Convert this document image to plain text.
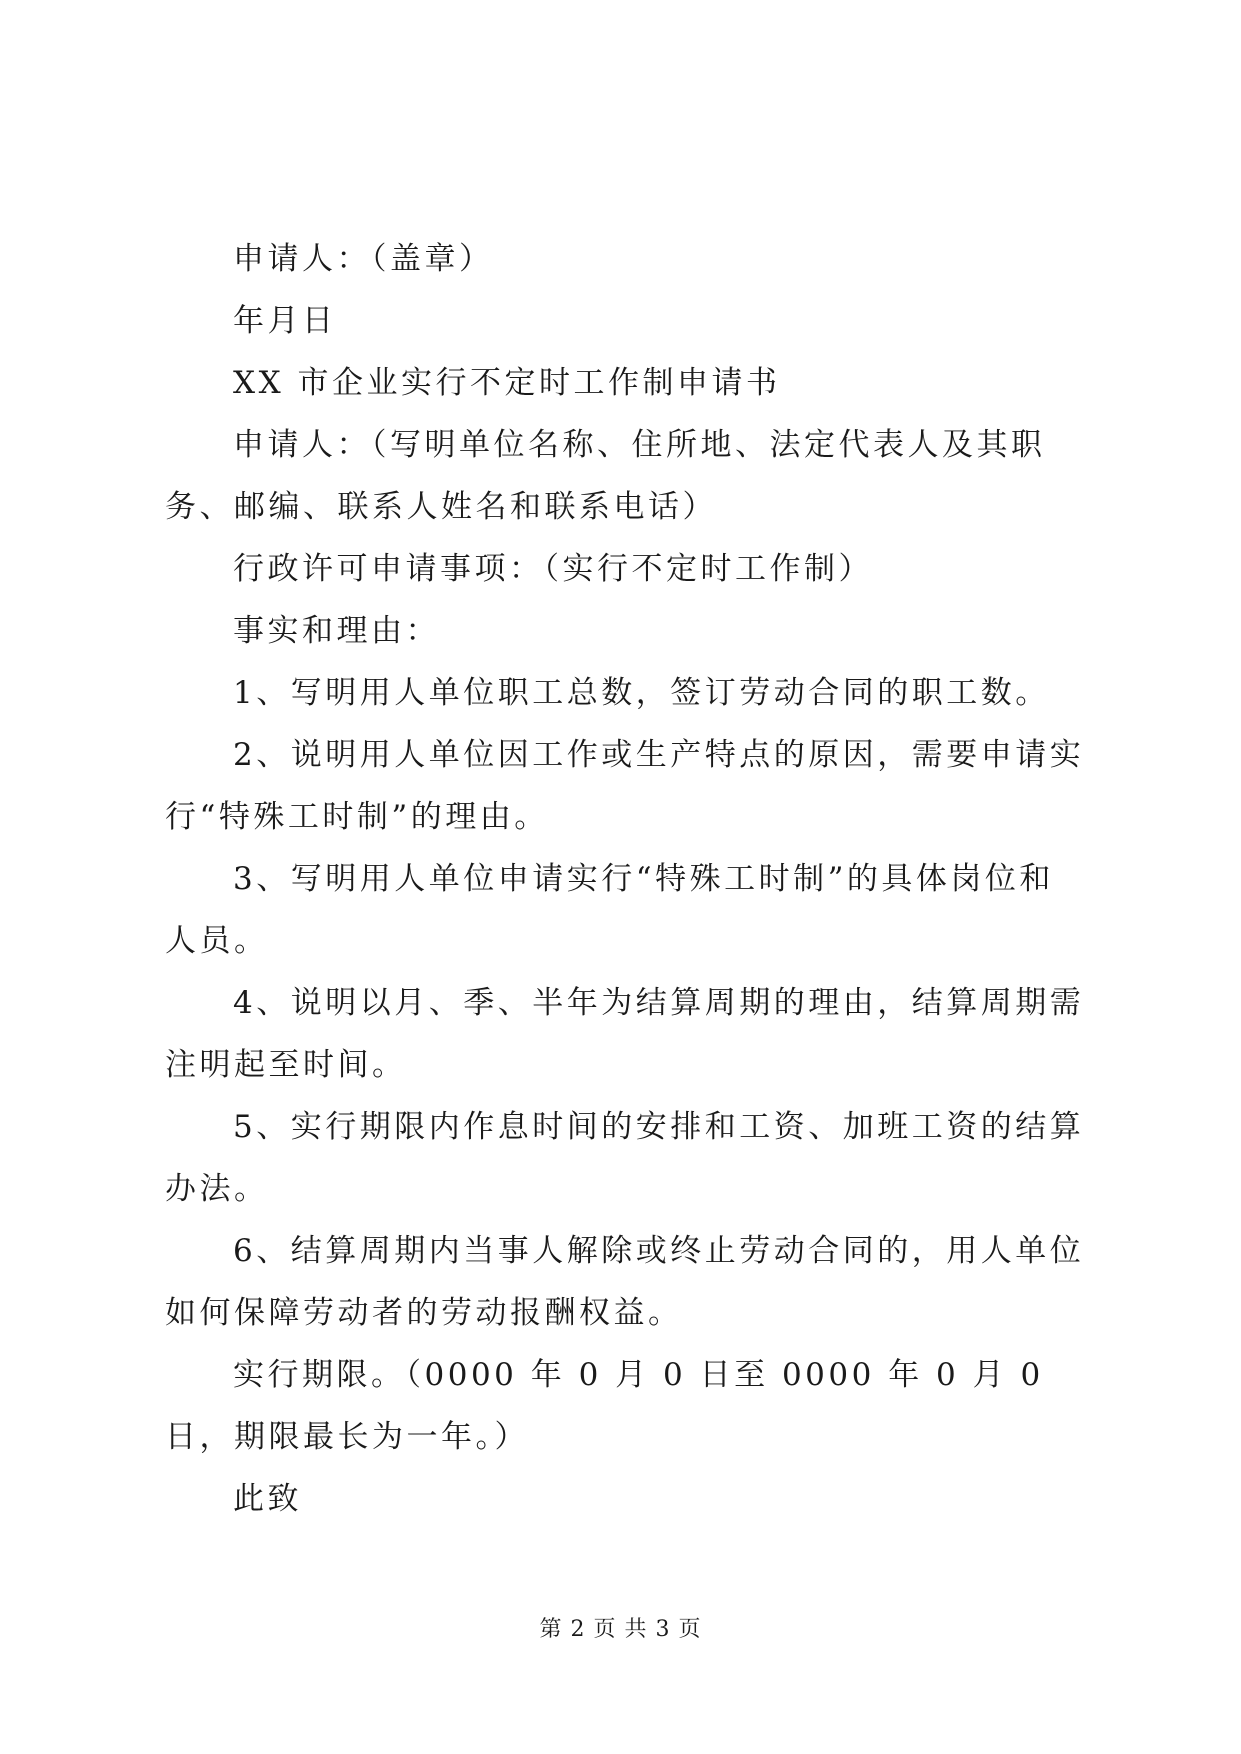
申请人：（盖章）

年月日

XX 市企业实行不定时工作制申请书

申请人：（写明单位名称、住所地、法定代表人及其职务、邮编、联系人姓名和联系电话）

行政许可申请事项：（实行不定时工作制）

事实和理由：

1、写明用人单位职工总数，签订劳动合同的职工数。

2、说明用人单位因工作或生产特点的原因，需要申请实行“特殊工时制”的理由。

3、写明用人单位申请实行“特殊工时制”的具体岗位和人员。

4、说明以月、季、半年为结算周期的理由，结算周期需注明起至时间。

5、实行期限内作息时间的安排和工资、加班工资的结算办法。

6、结算周期内当事人解除或终止劳动合同的，用人单位如何保障劳动者的劳动报酬权益。

实行期限。（0000 年 0 月 0 日至 0000 年 0 月 0 日，期限最长为一年。）

此致

第 2 页 共 3 页
